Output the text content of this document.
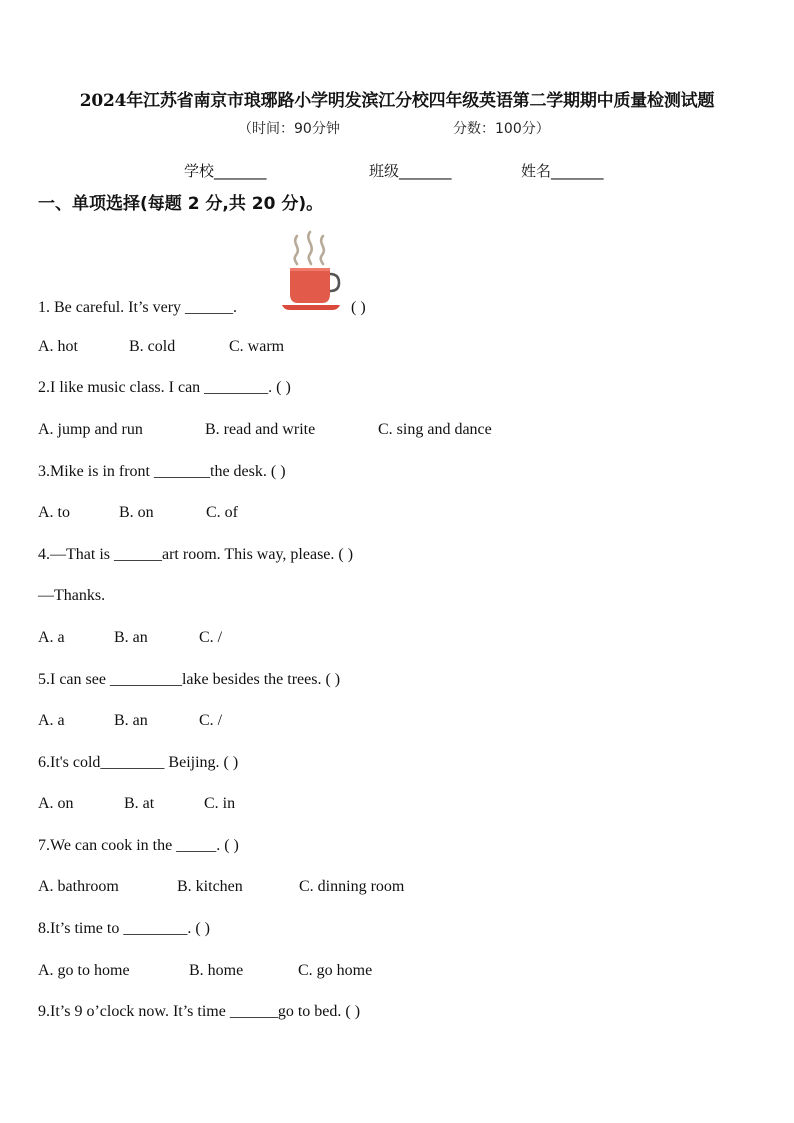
2024年江苏省南京市琅琊路小学明发滨江分校四年级英语第二学期期中质量检测试题
（时间：90分钟	分数：100分）
学校_______	班级_______	姓名_______
一、单项选择(每题 2 分,共 20 分)。
1. Be careful. It’s very ______.	( )
A. hot	B. cold	C. warm
2.I like music class. I can ________. ( )
A. jump and run	B. read and write	C. sing and dance
3.Mike is in front _______the desk. ( )
A. to	B. on	C. of
4.—That is ______art room. This way, please. ( )
—Thanks.
A. a	B. an	C. /
5.I can see _________lake besides the trees. ( )
A. a	B. an	C. /
6.It's cold________ Beijing. ( )
A. on	B. at	C. in
7.We can cook in the _____. ( )
A. bathroom	B. kitchen	C. dinning room
8.It’s time to ________. ( )
A. go to home	B. home	C. go home
9.It’s 9 o’clock now. It’s time ______go to bed. ( )
